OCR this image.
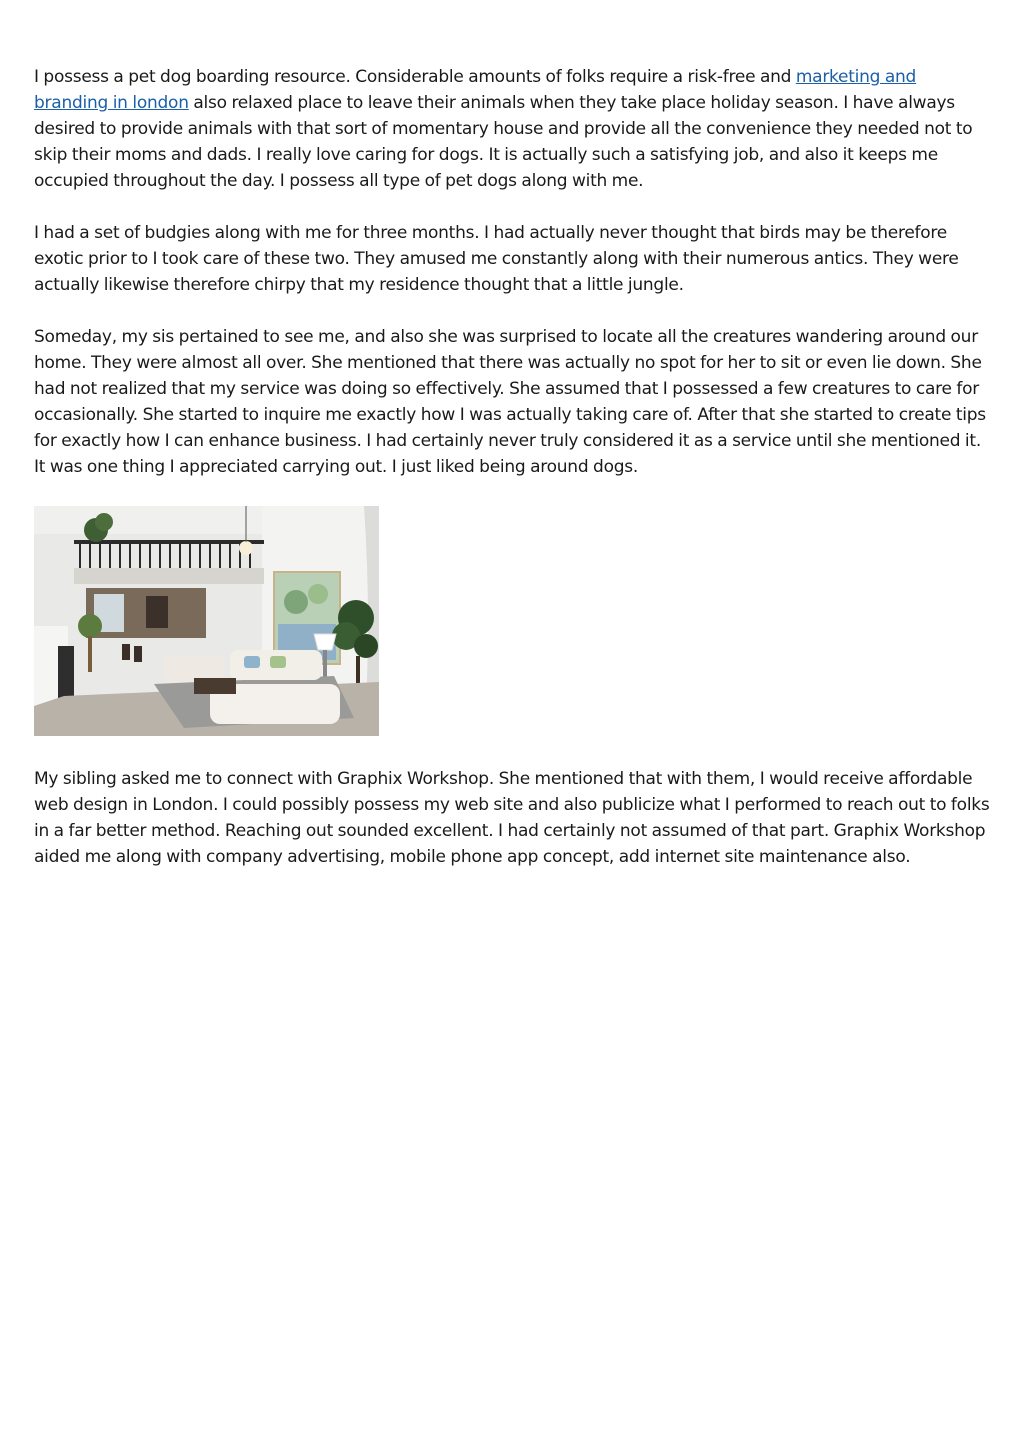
I possess a pet dog boarding resource. Considerable amounts of folks require a risk-free and marketing and branding in london also relaxed place to leave their animals when they take place holiday season. I have always desired to provide animals with that sort of momentary house and provide all the convenience they needed not to skip their moms and dads. I really love caring for dogs. It is actually such a satisfying job, and also it keeps me occupied throughout the day. I possess all type of pet dogs along with me.

I had a set of budgies along with me for three months. I had actually never thought that birds may be therefore exotic prior to I took care of these two. They amused me constantly along with their numerous antics. They were actually likewise therefore chirpy that my residence thought that a little jungle.

Someday, my sis pertained to see me, and also she was surprised to locate all the creatures wandering around our home. They were almost all over. She mentioned that there was actually no spot for her to sit or even lie down. She had not realized that my service was doing so effectively. She assumed that I possessed a few creatures to care for occasionally. She started to inquire me exactly how I was actually taking care of. After that she started to create tips for exactly how I can enhance business. I had certainly never truly considered it as a service until she mentioned it. It was one thing I appreciated carrying out. I just liked being around dogs.

My sibling asked me to connect with Graphix Workshop. She mentioned that with them, I would receive affordable web design in London. I could possibly possess my web site and also publicize what I performed to reach out to folks in a far better method. Reaching out sounded excellent. I had certainly not assumed of that part. Graphix Workshop aided me along with company advertising, mobile phone app concept, add internet site maintenance also.
